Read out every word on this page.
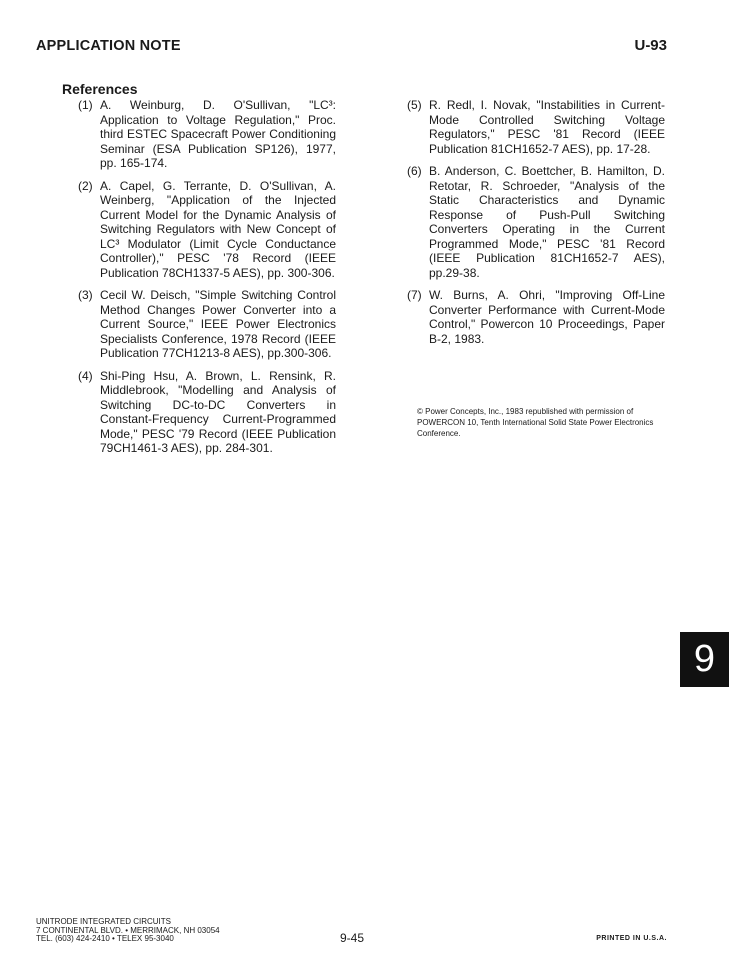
APPLICATION NOTE	U-93
References
(1) A. Weinburg, D. O'Sullivan, "LC³: Application to Voltage Regulation," Proc. third ESTEC Spacecraft Power Conditioning Seminar (ESA Publication SP126), 1977, pp. 165-174.
(2) A. Capel, G. Terrante, D. O'Sullivan, A. Weinberg, "Application of the Injected Current Model for the Dynamic Analysis of Switching Regulators with New Concept of LC³ Modulator (Limit Cycle Conductance Controller)," PESC '78 Record (IEEE Publication 78CH1337-5 AES), pp. 300-306.
(3) Cecil W. Deisch, "Simple Switching Control Method Changes Power Converter into a Current Source," IEEE Power Electronics Specialists Conference, 1978 Record (IEEE Publication 77CH1213-8 AES), pp.300-306.
(4) Shi-Ping Hsu, A. Brown, L. Rensink, R. Middlebrook, "Modelling and Analysis of Switching DC-to-DC Converters in Constant-Frequency Current-Programmed Mode," PESC '79 Record (IEEE Publication 79CH1461-3 AES), pp. 284-301.
(5) R. Redl, I. Novak, "Instabilities in Current-Mode Controlled Switching Voltage Regulators," PESC '81 Record (IEEE Publication 81CH1652-7 AES), pp. 17-28.
(6) B. Anderson, C. Boettcher, B. Hamilton, D. Retotar, R. Schroeder, "Analysis of the Static Characteristics and Dynamic Response of Push-Pull Switching Converters Operating in the Current Programmed Mode," PESC '81 Record (IEEE Publication 81CH1652-7 AES), pp.29-38.
(7) W. Burns, A. Ohri, "Improving Off-Line Converter Performance with Current-Mode Control," Powercon 10 Proceedings, Paper B-2, 1983.
© Power Concepts, Inc., 1983 republished with permission of POWERCON 10, Tenth International Solid State Power Electronics Conference.
9
UNITRODE INTEGRATED CIRCUITS
7 CONTINENTAL BLVD. • MERRIMACK, NH 03054
TEL. (603) 424-2410 • TELEX 95-3040	9-45	PRINTED IN U.S.A.
